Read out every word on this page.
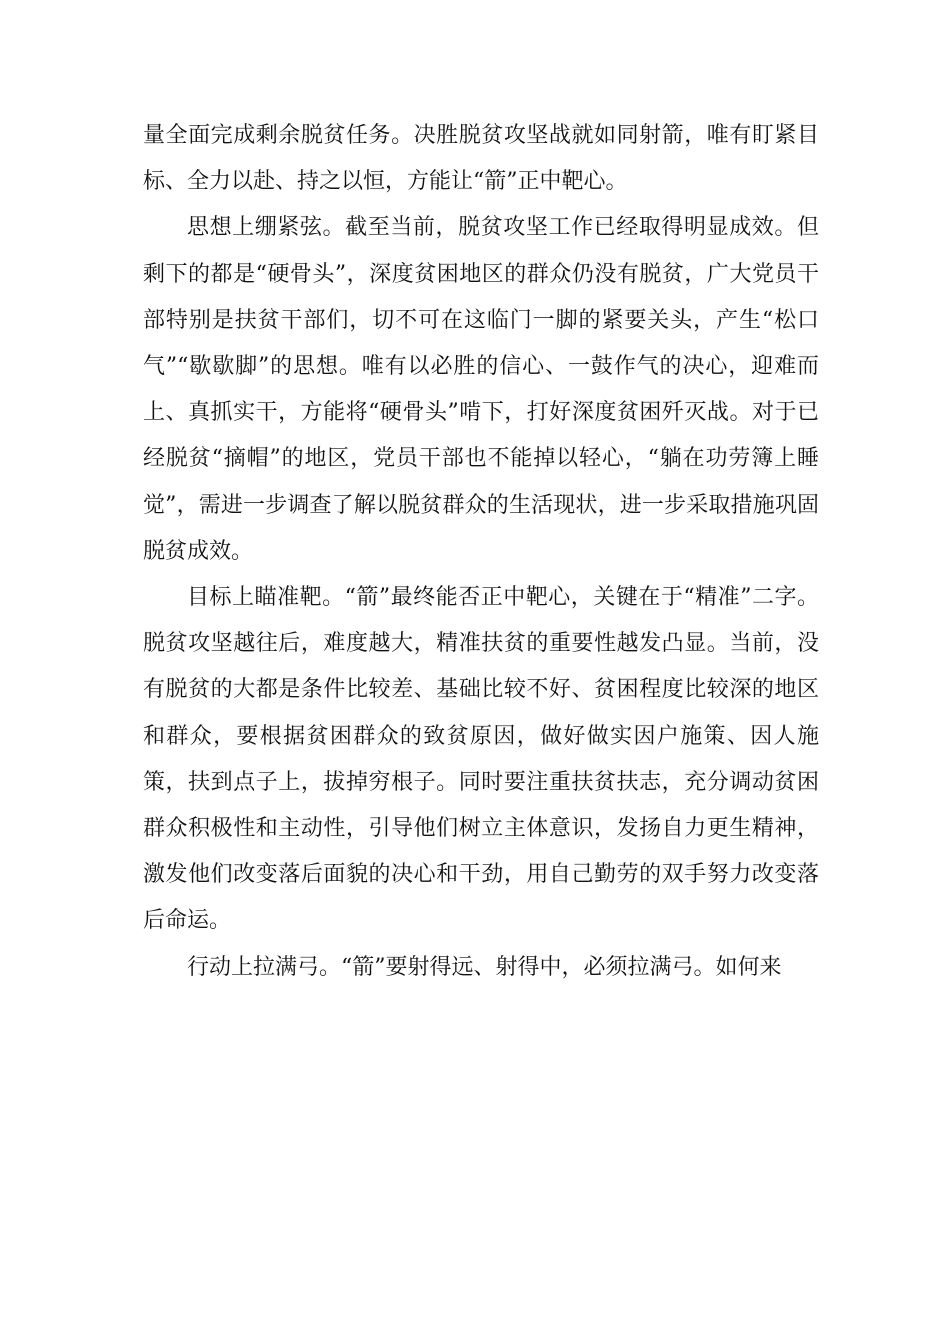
量全面完成剩余脱贫任务。决胜脱贫攻坚战就如同射箭，唯有盯紧目标、全力以赴、持之以恒，方能让“箭”正中靶心。

思想上绷紧弦。截至当前，脱贫攻坚工作已经取得明显成效。但剩下的都是“硬骨头”，深度贫困地区的群众仍没有脱贫，广大党员干部特别是扶贫干部们，切不可在这临门一脚的紧要关头，产生“松口气”“歇歇脚”的思想。唯有以必胜的信心、一鼓作气的决心，迎难而上、真抓实干，方能将“硬骨头”啃下，打好深度贫困歼灭战。对于已经脱贫“摘帽”的地区，党员干部也不能掉以轻心，“躺在功劳簿上睡觉”，需进一步调查了解以脱贫群众的生活现状，进一步采取措施巩固脱贫成效。

目标上瞄准靶。“箭”最终能否正中靶心，关键在于“精准”二字。脱贫攻坚越往后，难度越大，精准扶贫的重要性越发凸显。当前，没有脱贫的大都是条件比较差、基础比较不好、贫困程度比较深的地区和群众，要根据贫困群众的致贫原因，做好做实因户施策、因人施策，扶到点子上，拔掉穷根子。同时要注重扶贫扶志，充分调动贫困群众积极性和主动性，引导他们树立主体意识，发扬自力更生精神，激发他们改变落后面貌的决心和干劲，用自己勤劳的双手努力改变落后命运。

行动上拉满弓。“箭”要射得远、射得中，必须拉满弓。如何来
